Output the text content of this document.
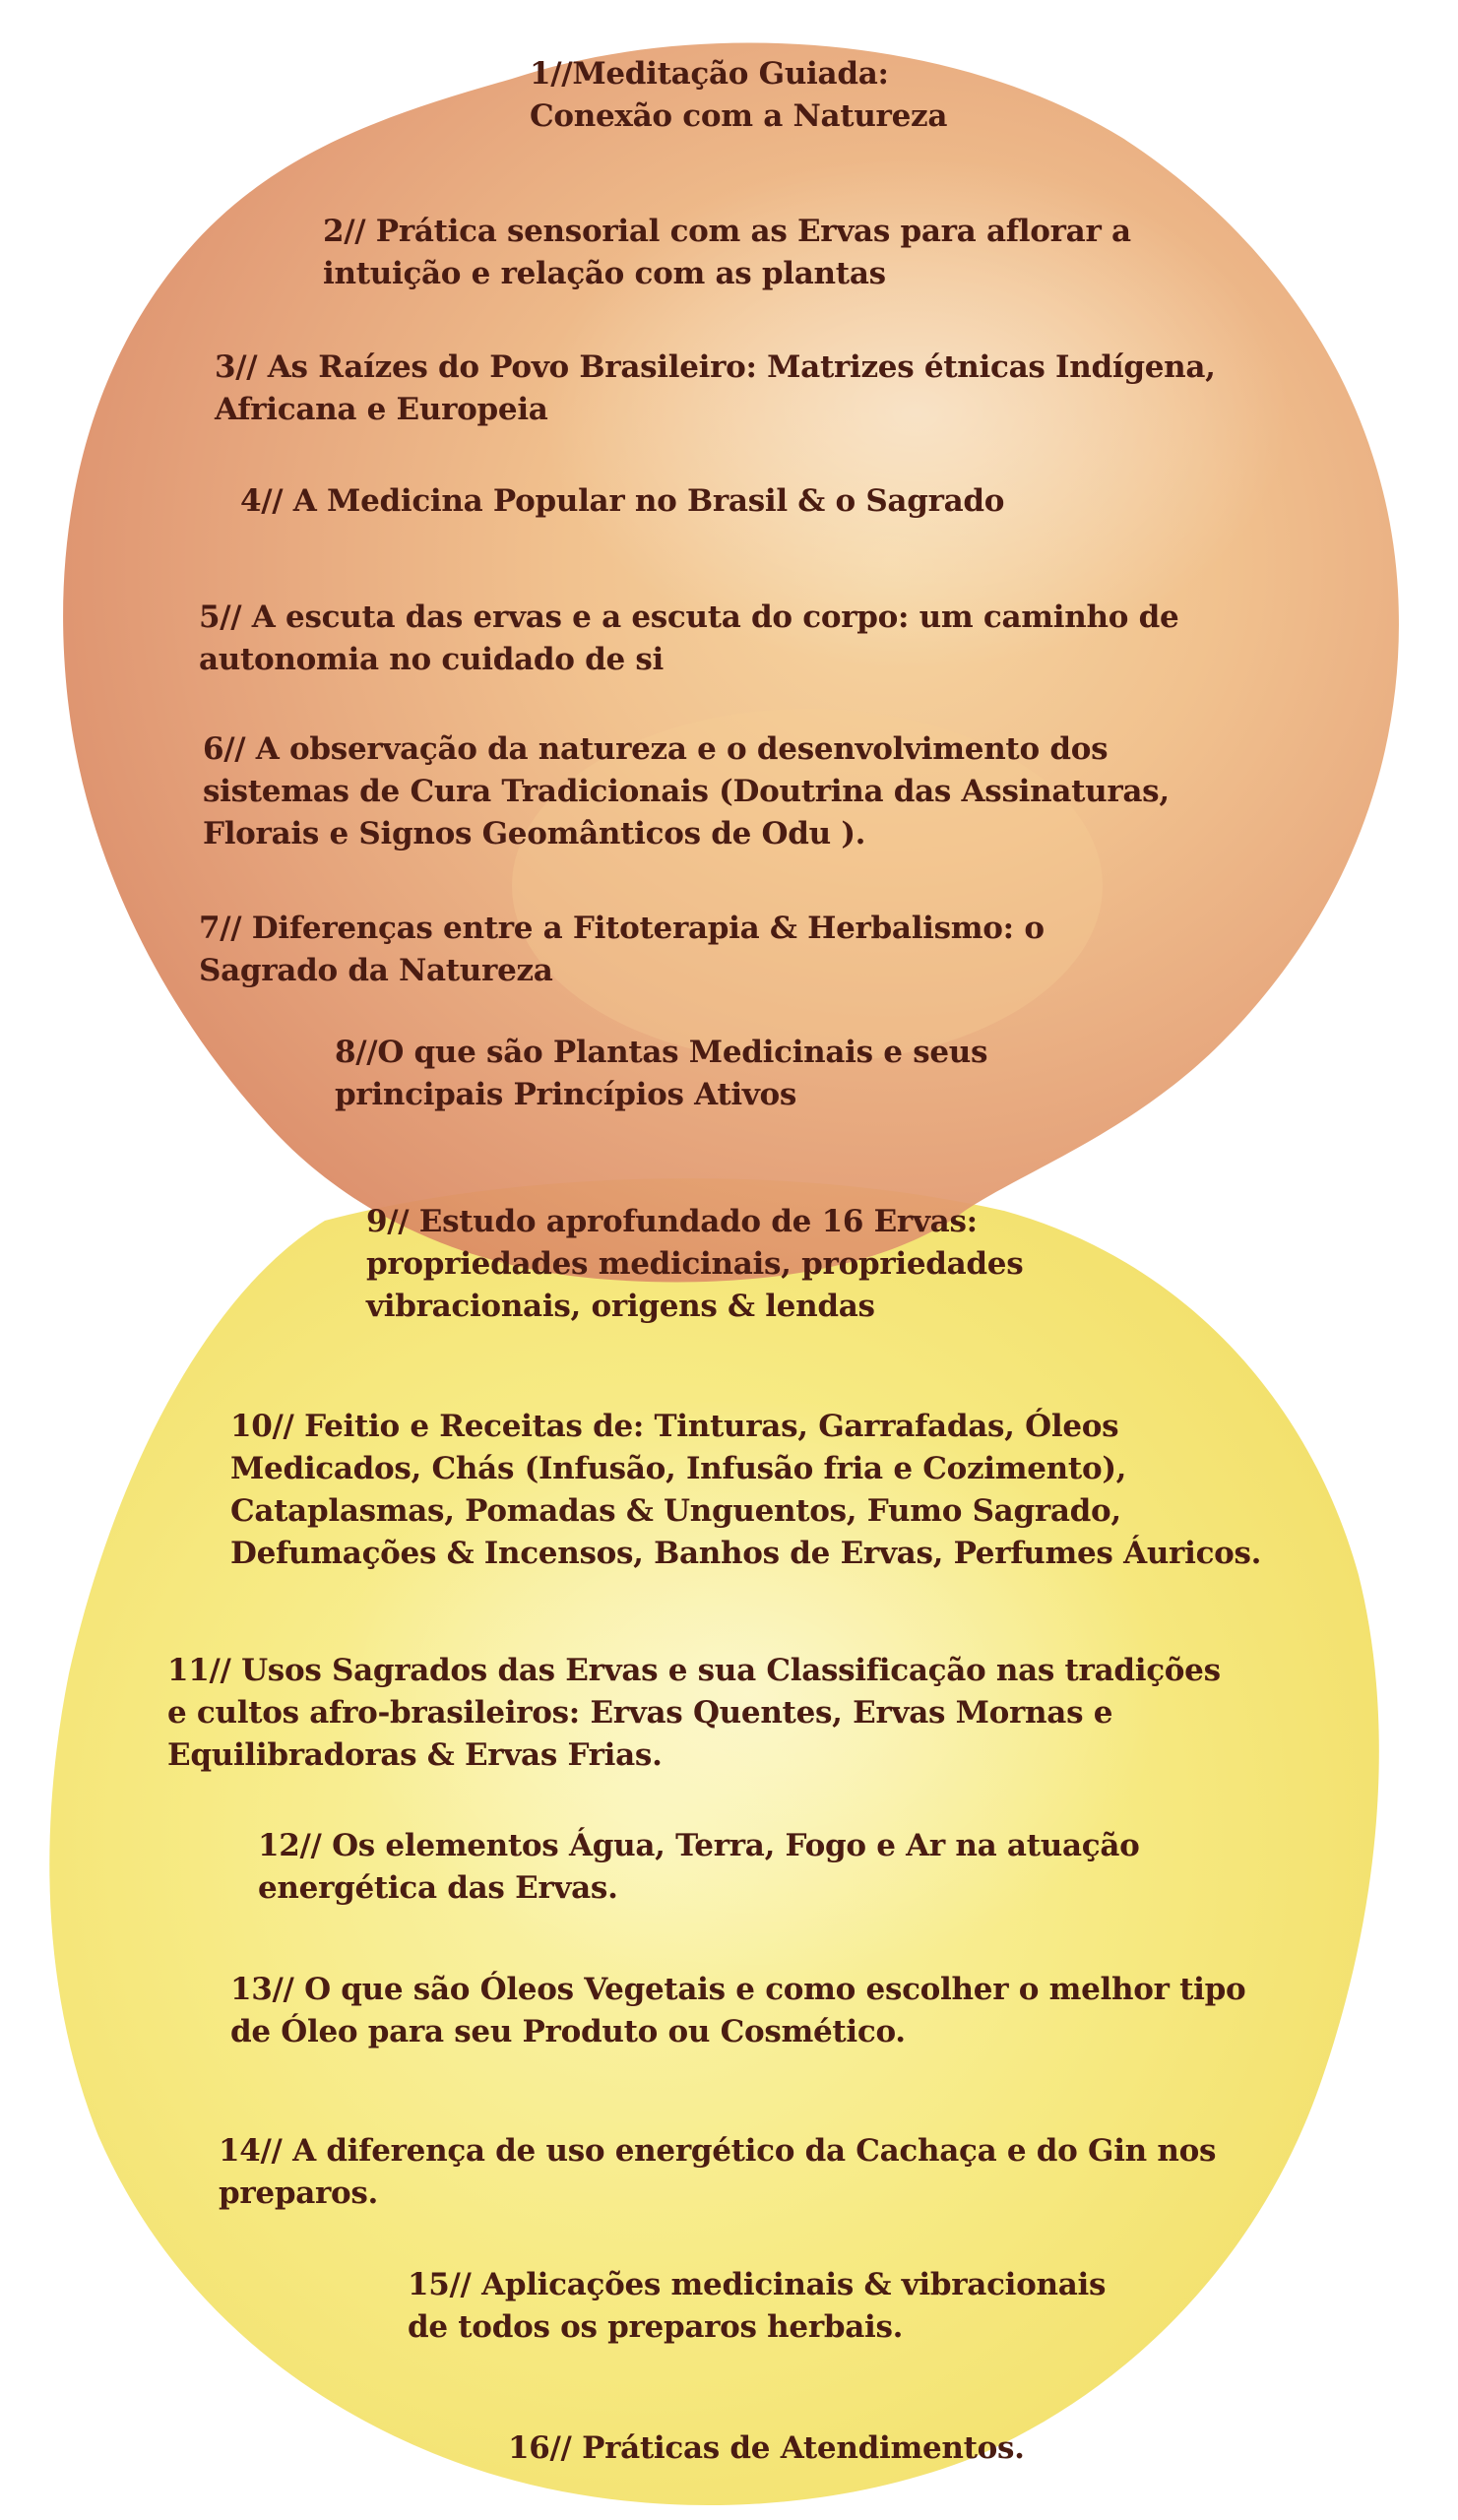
1//Meditação Guiada:
Conexão com a Natureza

2// Prática sensorial com as Ervas para aflorar a
intuição e relação com as plantas

3// As Raízes do Povo Brasileiro: Matrizes étnicas Indígena,
Africana e Europeia

4// A Medicina Popular no Brasil & o Sagrado

5// A escuta das ervas e a escuta do corpo: um caminho de
autonomia no cuidado de si

6// A observação da natureza e o desenvolvimento dos
sistemas de Cura Tradicionais (Doutrina das Assinaturas,
Florais e Signos Geomânticos de Odu ).

7// Diferenças entre a Fitoterapia & Herbalismo: o
Sagrado da Natureza

8//O que são Plantas Medicinais e seus
principais Princípios Ativos

9// Estudo aprofundado de 16 Ervas:
propriedades medicinais, propriedades
vibracionais, origens & lendas

10// Feitio e Receitas de: Tinturas, Garrafadas, Óleos
Medicados, Chás (Infusão, Infusão fria e Cozimento),
Cataplasmas, Pomadas & Unguentos, Fumo Sagrado,
Defumações & Incensos, Banhos de Ervas, Perfumes Áuricos.

11// Usos Sagrados das Ervas e sua Classificação nas tradições
e cultos afro-brasileiros: Ervas Quentes, Ervas Mornas e
Equilibradoras & Ervas Frias.

12// Os elementos Água, Terra, Fogo e Ar na atuação
energética das Ervas.

13// O que são Óleos Vegetais e como escolher o melhor tipo
de Óleo para seu Produto ou Cosmético.

14// A diferença de uso energético da Cachaça e do Gin nos
preparos.

15// Aplicações medicinais & vibracionais
de todos os preparos herbais.

16// Práticas de Atendimentos.
